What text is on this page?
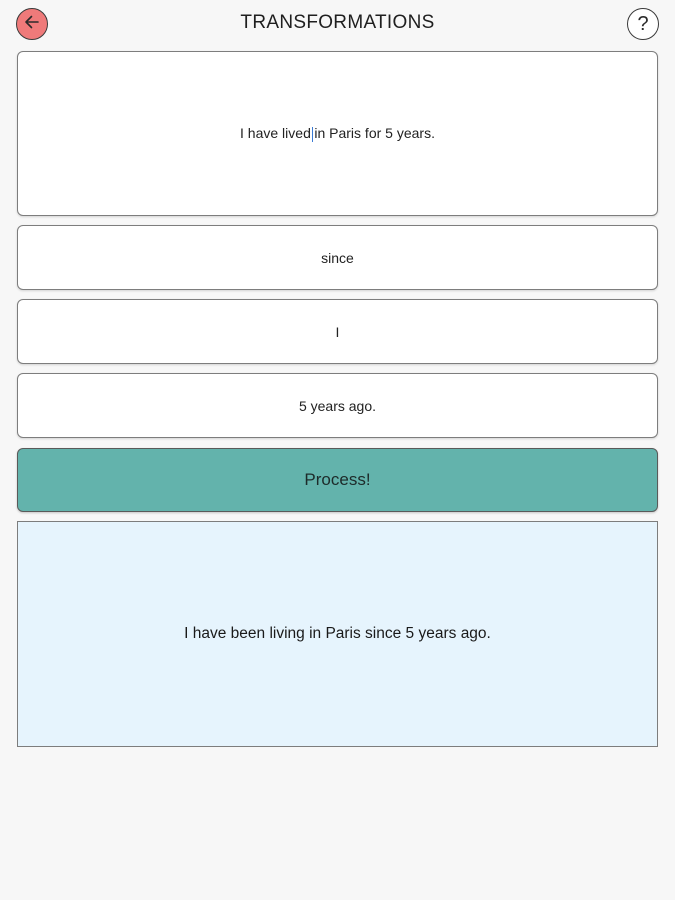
TRANSFORMATIONS	?
I have lived in Paris for 5 years.
since
I
5 years ago.
Process!
I have been living in Paris since 5 years ago.
